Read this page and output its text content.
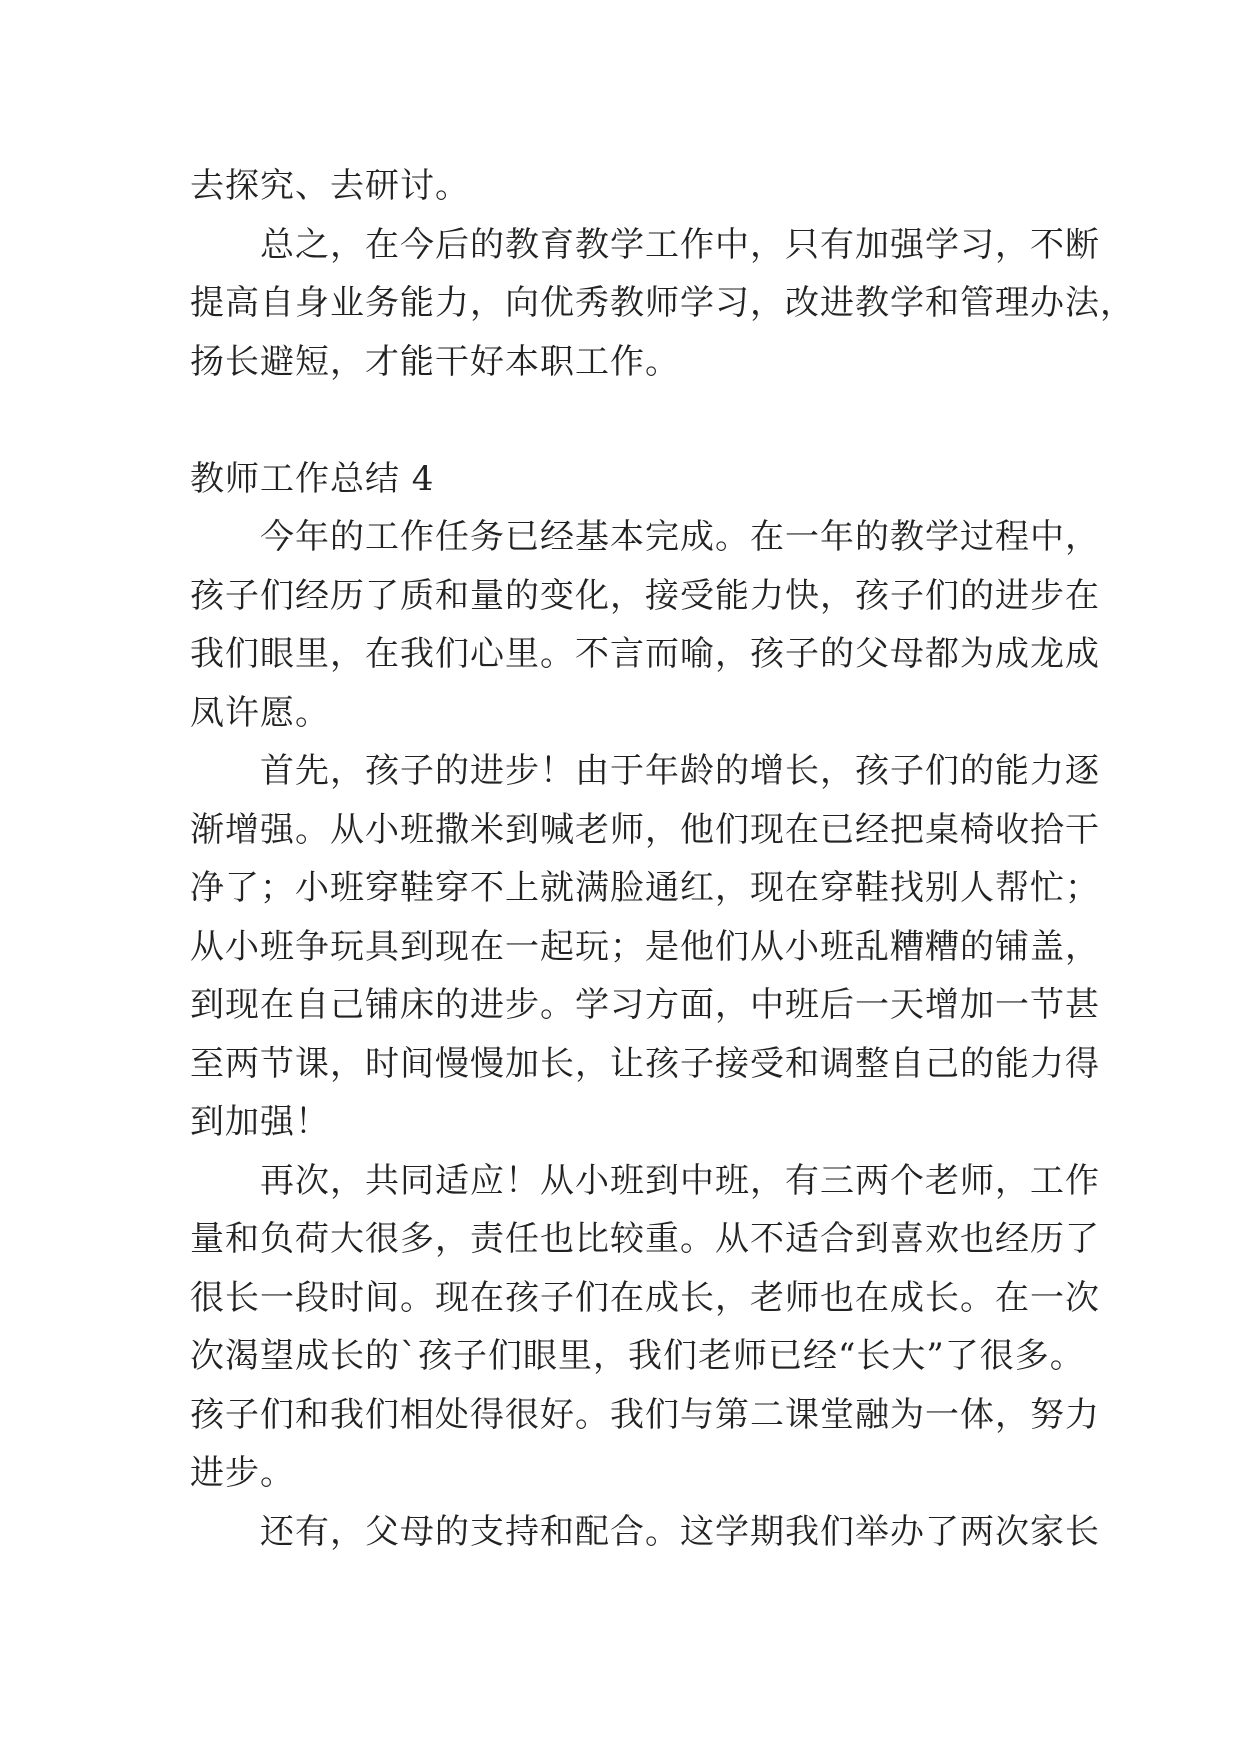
去探究、去研讨。
总之，在今后的教育教学工作中，只有加强学习，不断
提高自身业务能力，向优秀教师学习，改进教学和管理办法，
扬长避短，才能干好本职工作。
教师工作总结 4
今年的工作任务已经基本完成。在一年的教学过程中，
孩子们经历了质和量的变化，接受能力快，孩子们的进步在
我们眼里，在我们心里。不言而喻，孩子的父母都为成龙成
凤许愿。
首先，孩子的进步！由于年龄的增长，孩子们的能力逐
渐增强。从小班撒米到喊老师，他们现在已经把桌椅收拾干
净了；小班穿鞋穿不上就满脸通红，现在穿鞋找别人帮忙；
从小班争玩具到现在一起玩；是他们从小班乱糟糟的铺盖，
到现在自己铺床的进步。学习方面，中班后一天增加一节甚
至两节课，时间慢慢加长，让孩子接受和调整自己的能力得
到加强！
再次，共同适应！从小班到中班，有三两个老师，工作
量和负荷大很多，责任也比较重。从不适合到喜欢也经历了
很长一段时间。现在孩子们在成长，老师也在成长。在一次
次渴望成长的`孩子们眼里，我们老师已经“长大”了很多。
孩子们和我们相处得很好。我们与第二课堂融为一体，努力
进步。
还有，父母的支持和配合。这学期我们举办了两次家长
